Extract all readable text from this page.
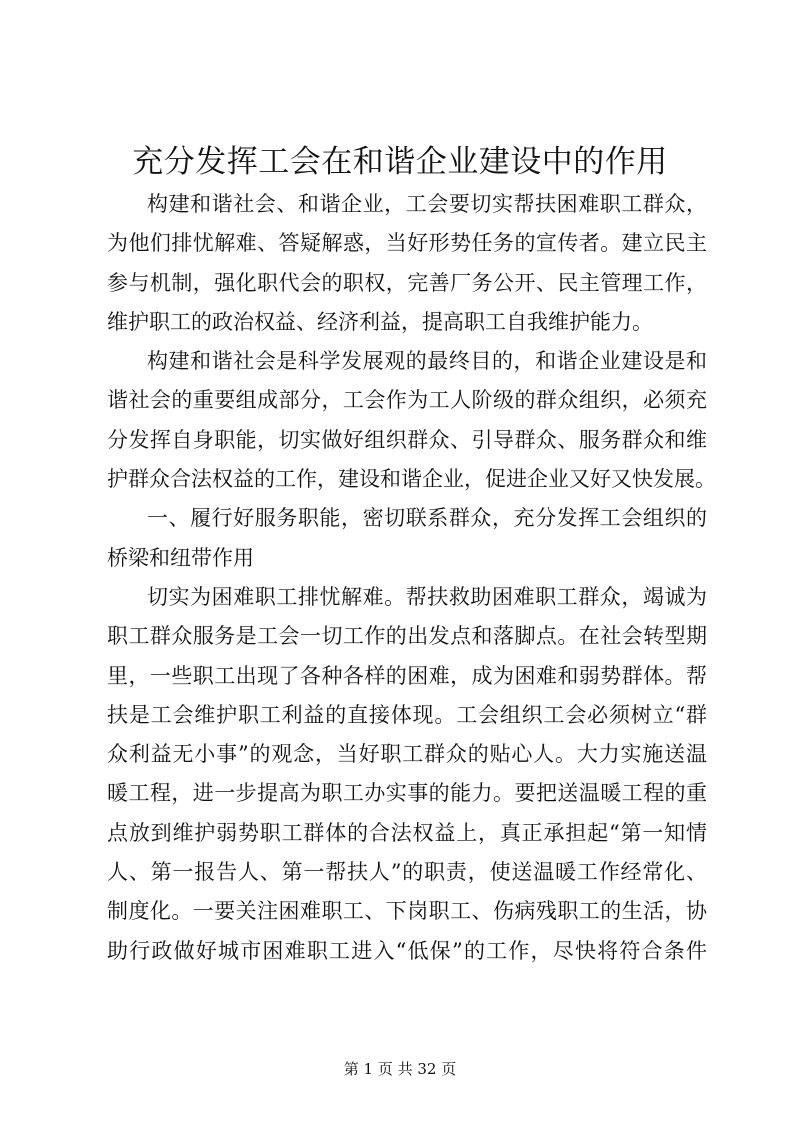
充分发挥工会在和谐企业建设中的作用
构建和谐社会、和谐企业，工会要切实帮扶困难职工群众，
为他们排忧解难、答疑解惑，当好形势任务的宣传者。建立民主
参与机制，强化职代会的职权，完善厂务公开、民主管理工作，
维护职工的政治权益、经济利益，提高职工自我维护能力。
构建和谐社会是科学发展观的最终目的，和谐企业建设是和
谐社会的重要组成部分，工会作为工人阶级的群众组织，必须充
分发挥自身职能，切实做好组织群众、引导群众、服务群众和维
护群众合法权益的工作，建设和谐企业，促进企业又好又快发展。
一、履行好服务职能，密切联系群众，充分发挥工会组织的
桥梁和纽带作用
切实为困难职工排忧解难。帮扶救助困难职工群众，竭诚为
职工群众服务是工会一切工作的出发点和落脚点。在社会转型期
里，一些职工出现了各种各样的困难，成为困难和弱势群体。帮
扶是工会维护职工利益的直接体现。工会组织工会必须树立“群
众利益无小事”的观念，当好职工群众的贴心人。大力实施送温
暖工程，进一步提高为职工办实事的能力。要把送温暖工程的重
点放到维护弱势职工群体的合法权益上，真正承担起“第一知情
人、第一报告人、第一帮扶人”的职责，使送温暖工作经常化、
制度化。一要关注困难职工、下岗职工、伤病残职工的生活，协
助行政做好城市困难职工进入“低保”的工作，尽快将符合条件
第 1 页 共 32 页
